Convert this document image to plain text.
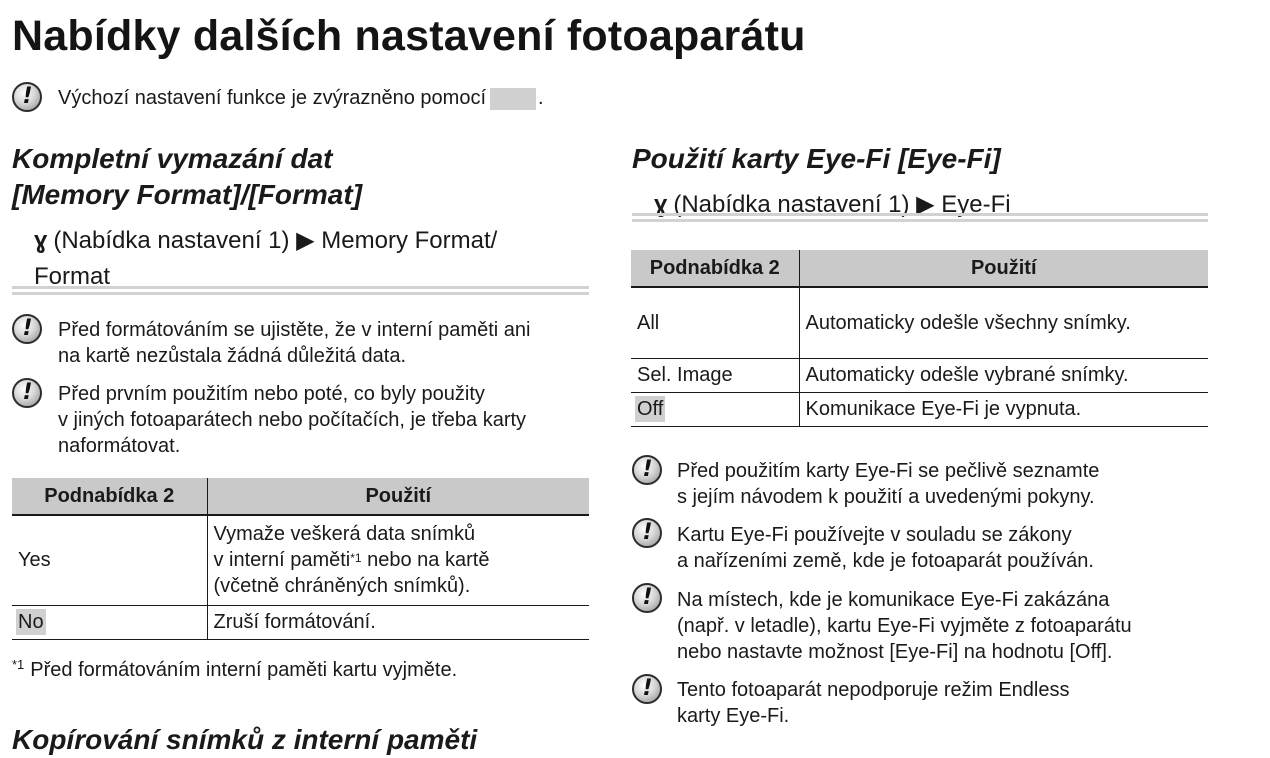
Nabídky dalších nastavení fotoaparátu
! Výchozí nastavení funkce je zvýrazněno pomocí	.
Kompletní vymazání dat
[Memory Format]/[Format]
ɣ (Nabídka nastavení 1) ▶ Memory Format/
Format
! Před formátováním se ujistěte, že v interní paměti ani
na kartě nezůstala žádná důležitá data.
! Před prvním použitím nebo poté, co byly použity
v jiných fotoaparátech nebo počítačích, je třeba karty
naformátovat.
Podnabídka 2	Použití
Yes	Vymaže veškerá data snímků
v interní paměti$^{*1}$ nebo na kartě
(včetně chráněných snímků).
No	Zruší formátování.
$^{*1}$ Před formátováním interní paměti kartu vyjměte.
Kopírování snímků z interní paměti
Použití karty Eye-Fi [Eye-Fi]
ɣ (Nabídka nastavení 1) ▶ Eye-Fi
Podnabídka 2	Použití
All	Automaticky odešle všechny snímky.
Sel. Image	Automaticky odešle vybrané snímky.
Off	Komunikace Eye-Fi je vypnuta.
! Před použitím karty Eye-Fi se pečlivě seznamte
s jejím návodem k použití a uvedenými pokyny.
! Kartu Eye-Fi používejte v souladu se zákony
a nařízeními země, kde je fotoaparát používán.
! Na místech, kde je komunikace Eye-Fi zakázána
(např. v letadle), kartu Eye-Fi vyjměte z fotoaparátu
nebo nastavte možnost [Eye-Fi] na hodnotu [Off].
! Tento fotoaparát nepodporuje režim Endless
karty Eye-Fi.
